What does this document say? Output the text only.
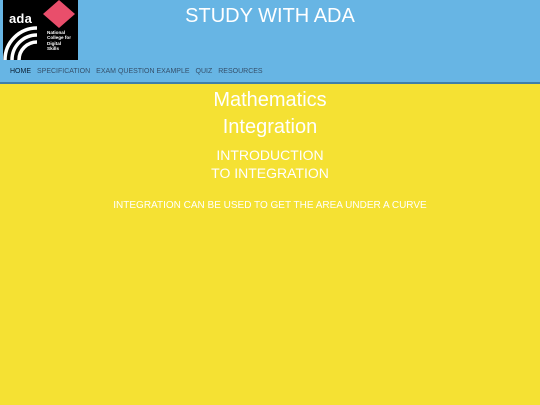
ada
National
College for
Digital
Skills
STUDY WITH ADA
HOME SPECIFICATION EXAM QUESTION EXAMPLE QUIZ RESOURCES
Mathematics
Integration
INTRODUCTION
TO INTEGRATION
INTEGRATION CAN BE USED TO GET THE AREA UNDER A CURVE
